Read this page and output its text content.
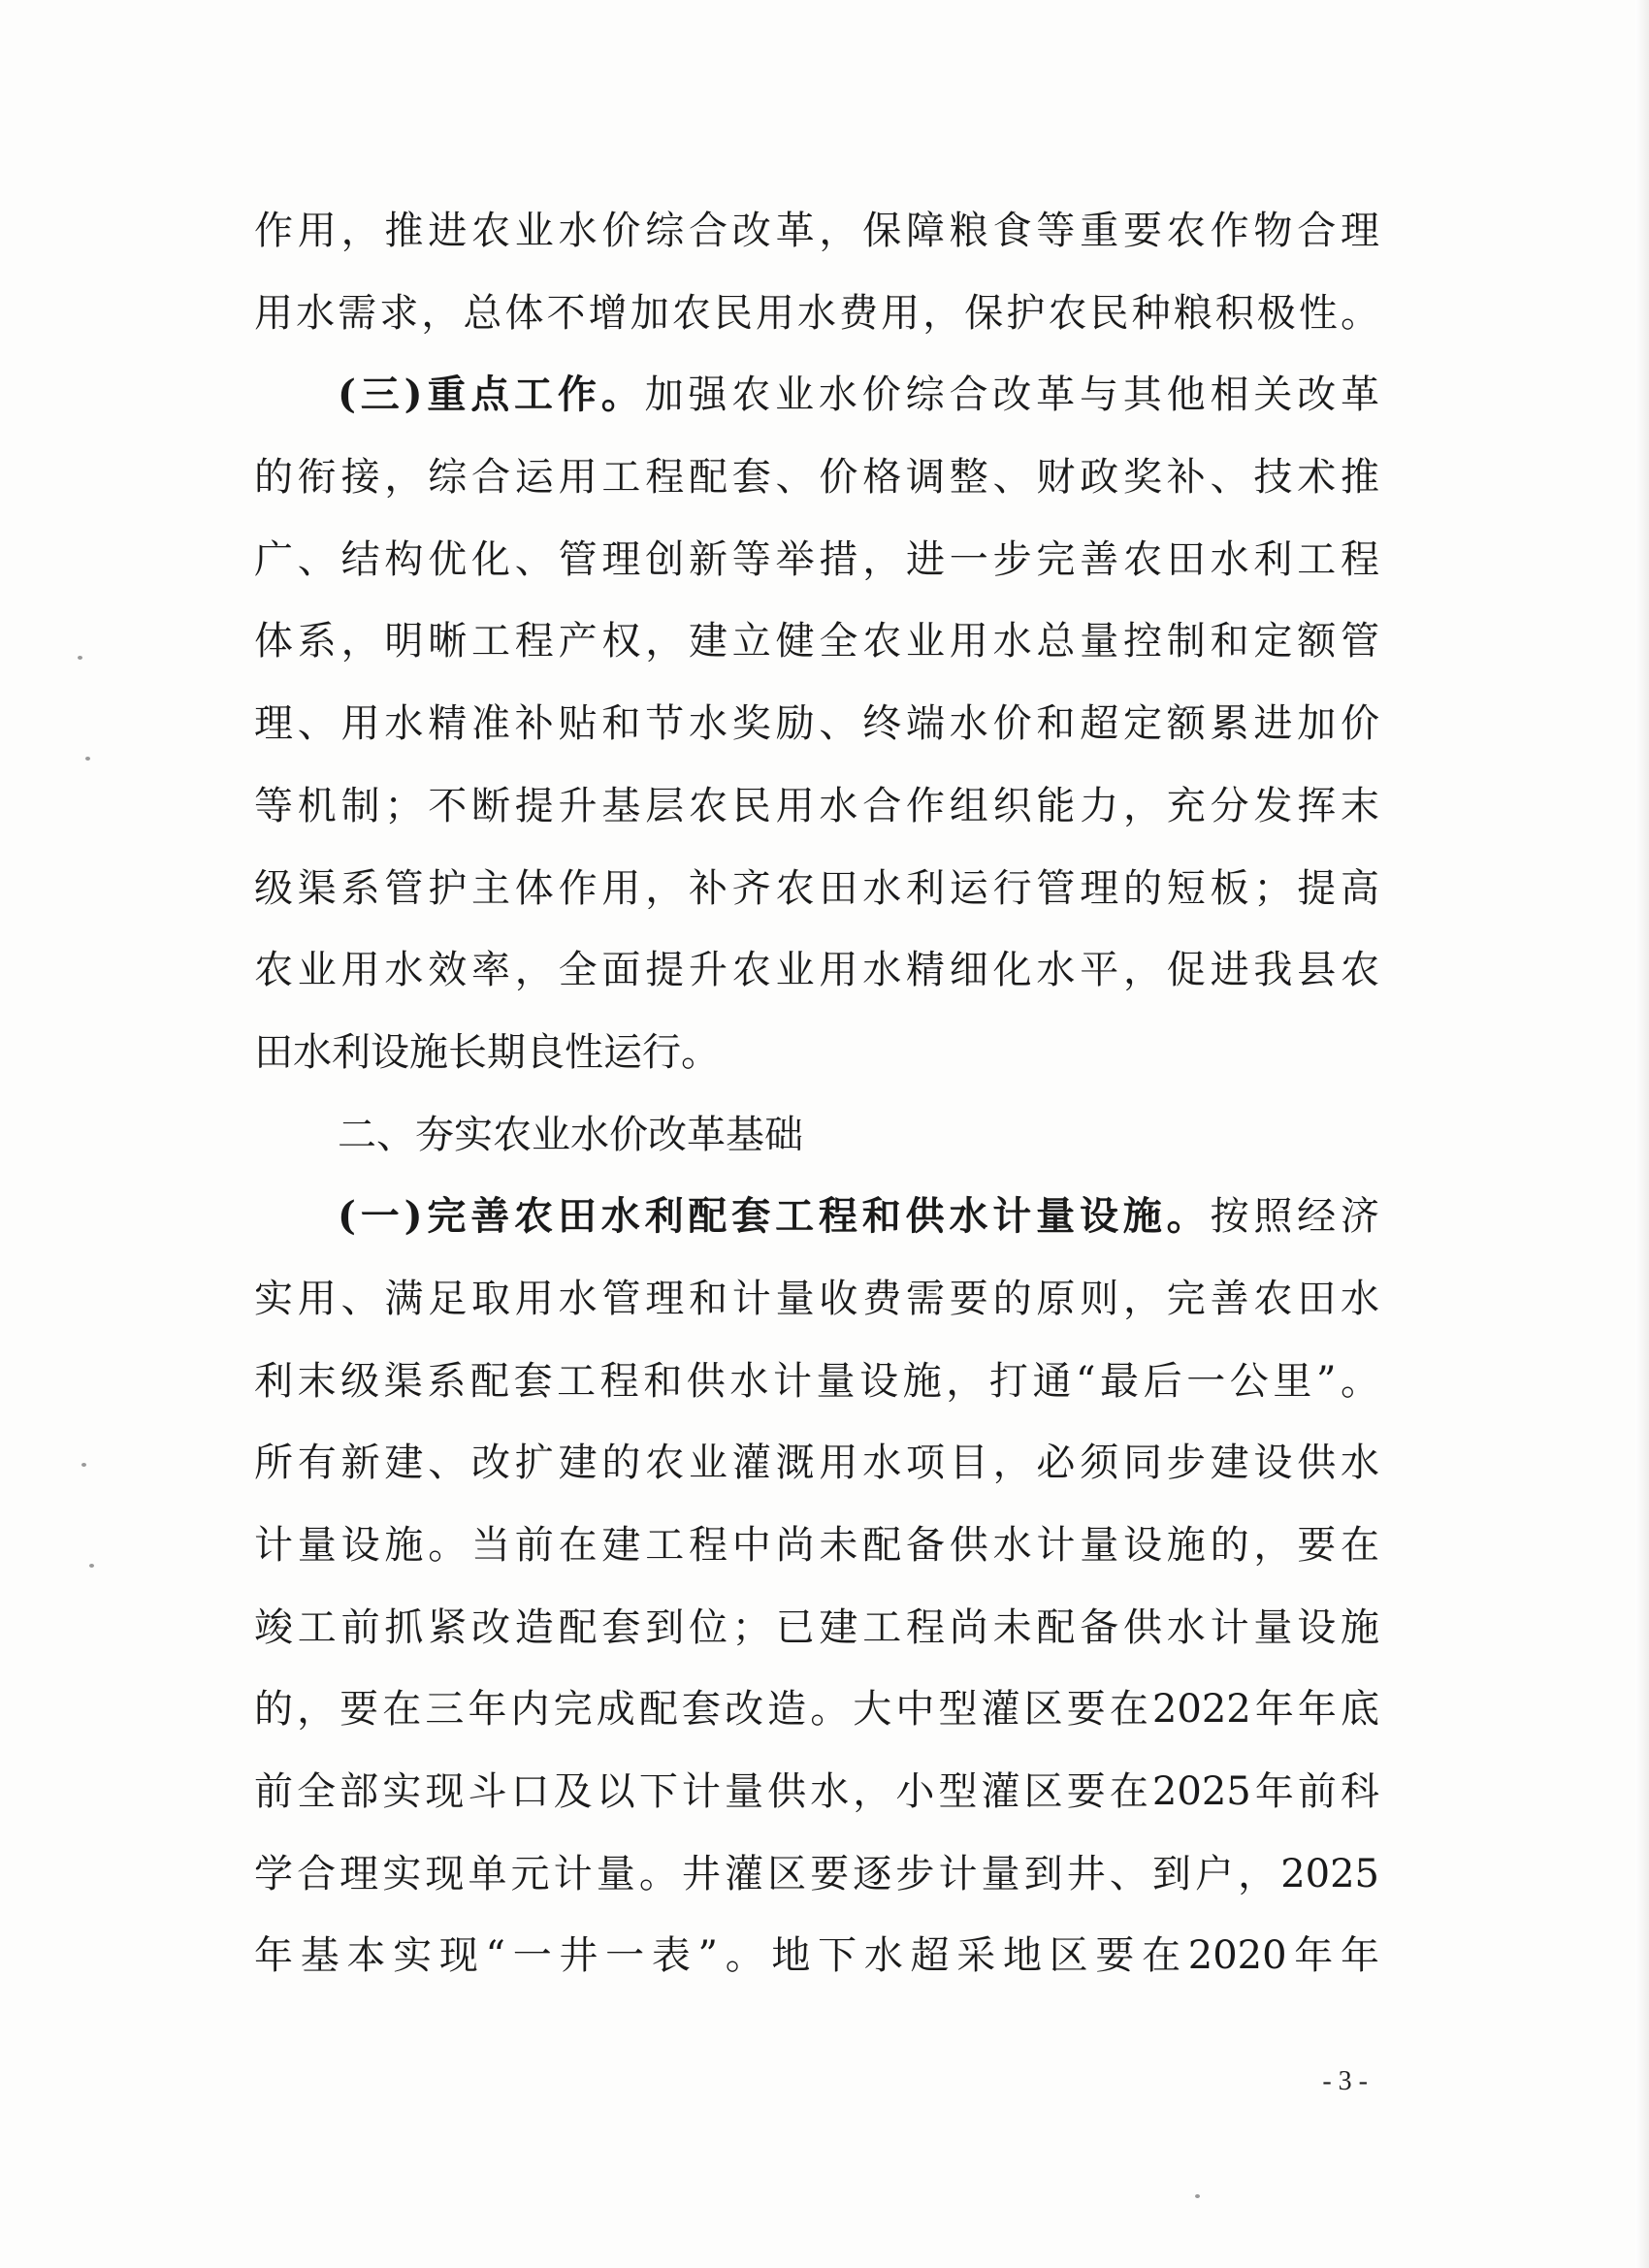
作用，推进农业水价综合改革，保障粮食等重要农作物合理
用水需求，总体不增加农民用水费用，保护农民种粮积极性。
(三)重点工作。加强农业水价综合改革与其他相关改革
的衔接，综合运用工程配套、价格调整、财政奖补、技术推
广、结构优化、管理创新等举措，进一步完善农田水利工程
体系，明晰工程产权，建立健全农业用水总量控制和定额管
理、用水精准补贴和节水奖励、终端水价和超定额累进加价
等机制；不断提升基层农民用水合作组织能力，充分发挥末
级渠系管护主体作用，补齐农田水利运行管理的短板；提高
农业用水效率，全面提升农业用水精细化水平，促进我县农
田水利设施长期良性运行。
二、夯实农业水价改革基础
(一)完善农田水利配套工程和供水计量设施。按照经济
实用、满足取用水管理和计量收费需要的原则，完善农田水
利末级渠系配套工程和供水计量设施，打通“最后一公里”。
所有新建、改扩建的农业灌溉用水项目，必须同步建设供水
计量设施。当前在建工程中尚未配备供水计量设施的，要在
竣工前抓紧改造配套到位；已建工程尚未配备供水计量设施
的，要在三年内完成配套改造。大中型灌区要在2022年年底
前全部实现斗口及以下计量供水，小型灌区要在2025年前科
学合理实现单元计量。井灌区要逐步计量到井、到户，2025
年基本实现“一井一表”。地下水超采地区要在2020年年
- 3 -
